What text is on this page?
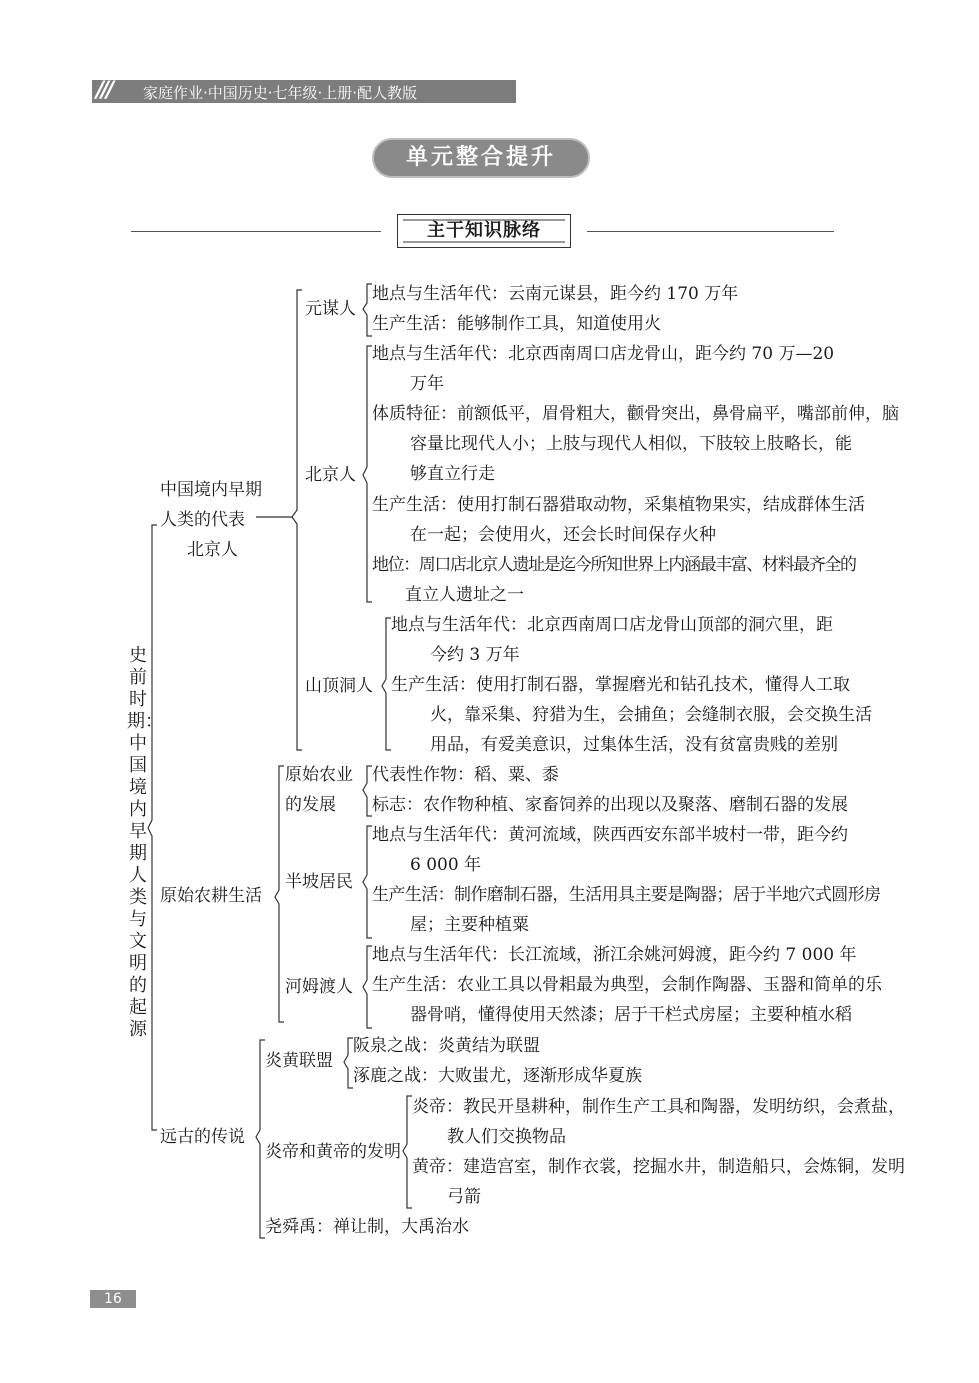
/// 家庭作业·中国历史·七年级·上册·配人教版
单元整合提升
主干知识脉络
史前时期：中国境内早期人类与文明的起源
中国境内早期
人类的代表
北京人
原始农耕生活
远古的传说
元谋人
地点与生活年代：云南元谋县，距今约 170 万年
生产生活：能够制作工具，知道使用火
北京人
地点与生活年代：北京西南周口店龙骨山，距今约 70 万—20
万年
体质特征：前额低平，眉骨粗大，颧骨突出，鼻骨扁平，嘴部前伸，脑
容量比现代人小；上肢与现代人相似，下肢较上肢略长，能
够直立行走
生产生活：使用打制石器猎取动物，采集植物果实，结成群体生活
在一起；会使用火，还会长时间保存火种
地位：周口店北京人遗址是迄今所知世界上内涵最丰富、材料最齐全的
直立人遗址之一
山顶洞人
地点与生活年代：北京西南周口店龙骨山顶部的洞穴里，距
今约 3 万年
生产生活：使用打制石器，掌握磨光和钻孔技术，懂得人工取
火，靠采集、狩猎为生，会捕鱼；会缝制衣服，会交换生活
用品，有爱美意识，过集体生活，没有贫富贵贱的差别
原始农业
的发展
代表性作物：稻、粟、黍
标志：农作物种植、家畜饲养的出现以及聚落、磨制石器的发展
半坡居民
地点与生活年代：黄河流域，陕西西安东部半坡村一带，距今约
6 000 年
生产生活：制作磨制石器，生活用具主要是陶器；居于半地穴式圆形房
屋；主要种植粟
河姆渡人
地点与生活年代：长江流域，浙江余姚河姆渡，距今约 7 000 年
生产生活：农业工具以骨耜最为典型，会制作陶器、玉器和简单的乐
器骨哨，懂得使用天然漆；居于干栏式房屋；主要种植水稻
炎黄联盟
阪泉之战：炎黄结为联盟
涿鹿之战：大败蚩尤，逐渐形成华夏族
炎帝和黄帝的发明
炎帝：教民开垦耕种，制作生产工具和陶器，发明纺织，会煮盐，
教人们交换物品
黄帝：建造宫室，制作衣裳，挖掘水井，制造船只，会炼铜，发明
弓箭
尧舜禹：禅让制，大禹治水
16
